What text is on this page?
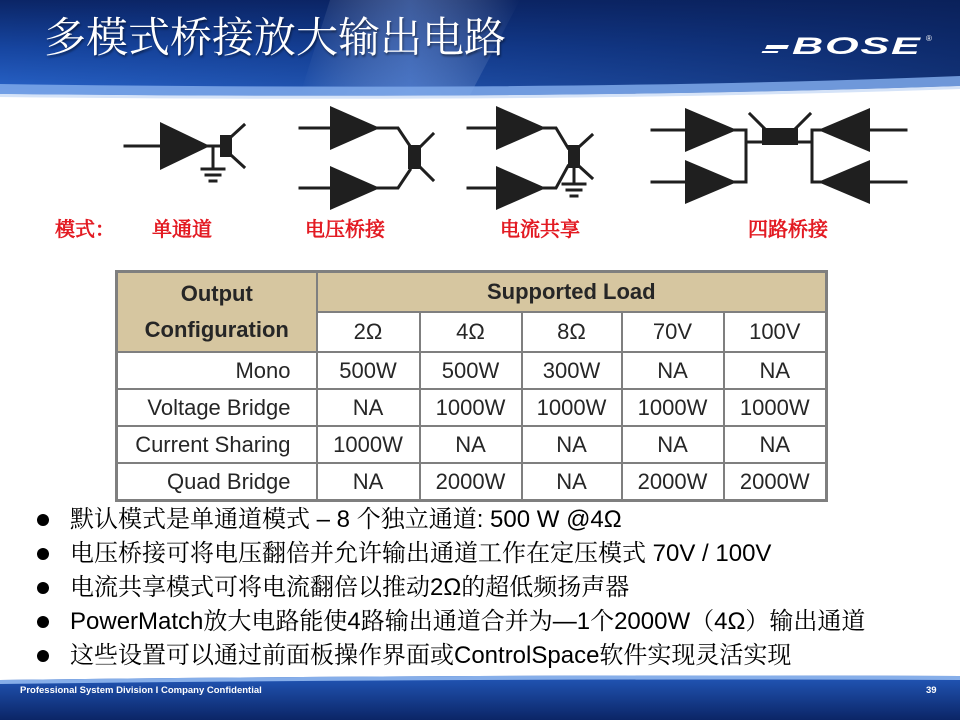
多模式桥接放大输出电路	BOSE ®
模式： 单通道	电压桥接	电流共享	四路桥接
Output Configuration	Supported Load				
	2Ω	4Ω	8Ω	70V	100V
Mono	500W	500W	300W	NA	NA
Voltage Bridge	NA	1000W	1000W	1000W	1000W
Current Sharing	1000W	NA	NA	NA	NA
Quad Bridge	NA	2000W	NA	2000W	2000W
默认模式是单通道模式 – 8 个独立通道: 500 W @4Ω
电压桥接可将电压翻倍并允许输出通道工作在定压模式 70V / 100V
电流共享模式可将电流翻倍以推动2Ω的超低频扬声器
PowerMatch放大电路能使4路输出通道合并为—1个2000W（4Ω）输出通道
这些设置可以通过前面板操作界面或ControlSpace软件实现灵活实现
Professional System Division I Company Confidential	39
